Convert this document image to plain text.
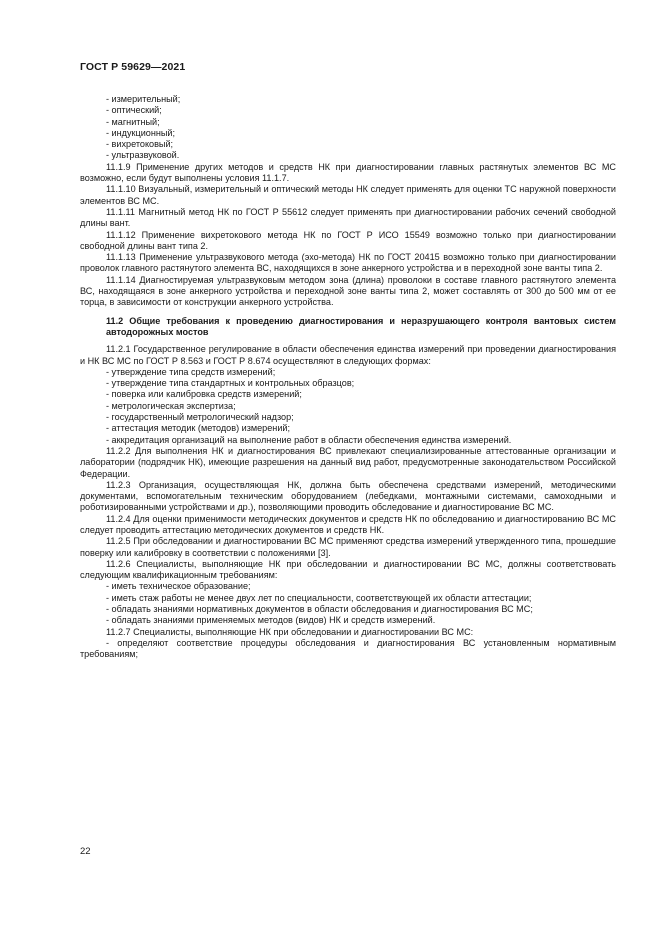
ГОСТ Р 59629—2021

- измерительный;

- оптический;

- магнитный;

- индукционный;

- вихретоковый;

- ультразвуковой.

11.1.9 Применение других методов и средств НК при диагностировании главных растянутых элементов ВС МС возможно, если будут выполнены условия 11.1.7.

11.1.10 Визуальный, измерительный и оптический методы НК следует применять для оценки ТС наружной поверхности элементов ВС МС.

11.1.11 Магнитный метод НК по ГОСТ Р 55612 следует применять при диагностировании рабочих сечений свободной длины вант.

11.1.12 Применение вихретокового метода НК по ГОСТ Р ИСО 15549 возможно только при диагностировании свободной длины вант типа 2.

11.1.13 Применение ультразвукового метода (эхо-метода) НК по ГОСТ 20415 возможно только при диагностировании проволок главного растянутого элемента ВС, находящихся в зоне анкерного устройства и в переходной зоне ванты типа 2.

11.1.14 Диагностируемая ультразвуковым методом зона (длина) проволоки в составе главного растянутого элемента ВС, находящаяся в зоне анкерного устройства и переходной зоне ванты типа 2, может составлять от 300 до 500 мм от ее торца, в зависимости от конструкции анкерного устройства.

11.2 Общие требования к проведению диагностирования и неразрушающего контроля вантовых систем автодорожных мостов

11.2.1 Государственное регулирование в области обеспечения единства измерений при проведении диагностирования и НК ВС МС по ГОСТ Р 8.563 и ГОСТ Р 8.674 осуществляют в следующих формах:

- утверждение типа средств измерений;

- утверждение типа стандартных и контрольных образцов;

- поверка или калибровка средств измерений;

- метрологическая экспертиза;

- государственный метрологический надзор;

- аттестация методик (методов) измерений;

- аккредитация организаций на выполнение работ в области обеспечения единства измерений.

11.2.2 Для выполнения НК и диагностирования ВС привлекают специализированные аттестованные организации и лаборатории (подрядчик НК), имеющие разрешения на данный вид работ, предусмотренные законодательством Российской Федерации.

11.2.3 Организация, осуществляющая НК, должна быть обеспечена средствами измерений, методическими документами, вспомогательным техническим оборудованием (лебедками, монтажными системами, самоходными и роботизированными устройствами и др.), позволяющими проводить обследование и диагностирование ВС МС.

11.2.4 Для оценки применимости методических документов и средств НК по обследованию и диагностированию ВС МС следует проводить аттестацию методических документов и средств НК.

11.2.5 При обследовании и диагностировании ВС МС применяют средства измерений утвержденного типа, прошедшие поверку или калибровку в соответствии с положениями [3].

11.2.6 Специалисты, выполняющие НК при обследовании и диагностировании ВС МС, должны соответствовать следующим квалификационным требованиям:

- иметь техническое образование;

- иметь стаж работы не менее двух лет по специальности, соответствующей их области аттестации;

- обладать знаниями нормативных документов в области обследования и диагностирования ВС МС;

- обладать знаниями применяемых методов (видов) НК и средств измерений.

11.2.7 Специалисты, выполняющие НК при обследовании и диагностировании ВС МС:

- определяют соответствие процедуры обследования и диагностирования ВС установленным нормативным требованиям;

22
